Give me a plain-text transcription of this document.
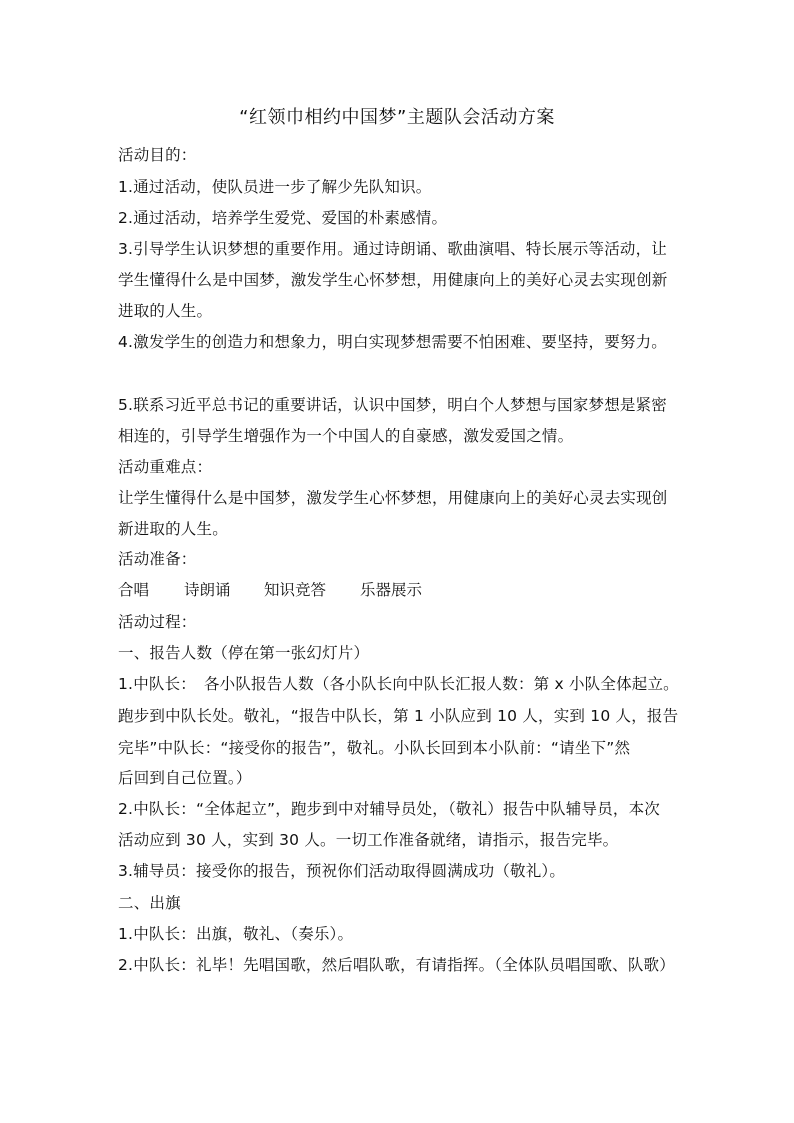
“红领巾相约中国梦”主题队会活动方案
活动目的：
1.通过活动，使队员进一步了解少先队知识。
2.通过活动，培养学生爱党、爱国的朴素感情。
3.引导学生认识梦想的重要作用。通过诗朗诵、歌曲演唱、特长展示等活动，让
学生懂得什么是中国梦，激发学生心怀梦想，用健康向上的美好心灵去实现创新
进取的人生。
4.激发学生的创造力和想象力，明白实现梦想需要不怕困难、要坚持，要努力。
5.联系习近平总书记的重要讲话，认识中国梦，明白个人梦想与国家梦想是紧密
相连的，引导学生增强作为一个中国人的自豪感，激发爱国之情。
活动重难点：
让学生懂得什么是中国梦，激发学生心怀梦想，用健康向上的美好心灵去实现创
新进取的人生。
活动准备：
合唱 诗朗诵 知识竞答 乐器展示
活动过程：
一、报告人数（停在第一张幻灯片）
1.中队长：　各小队报告人数（各小队长向中队长汇报人数：第 x 小队全体起立。
跑步到中队长处。敬礼，“报告中队长，第 1 小队应到 10 人，实到 10 人，报告
完毕”中队长：“接受你的报告”，敬礼。小队长回到本小队前：“请坐下”然
后回到自己位置。）
2.中队长：“全体起立”，跑步到中对辅导员处，（敬礼）报告中队辅导员，本次
活动应到 30 人，实到 30 人。一切工作准备就绪，请指示，报告完毕。
3.辅导员：接受你的报告，预祝你们活动取得圆满成功（敬礼）。
二、出旗
1.中队长：出旗，敬礼、（奏乐）。
2.中队长：礼毕！先唱国歌，然后唱队歌，有请指挥。（全体队员唱国歌、队歌）
